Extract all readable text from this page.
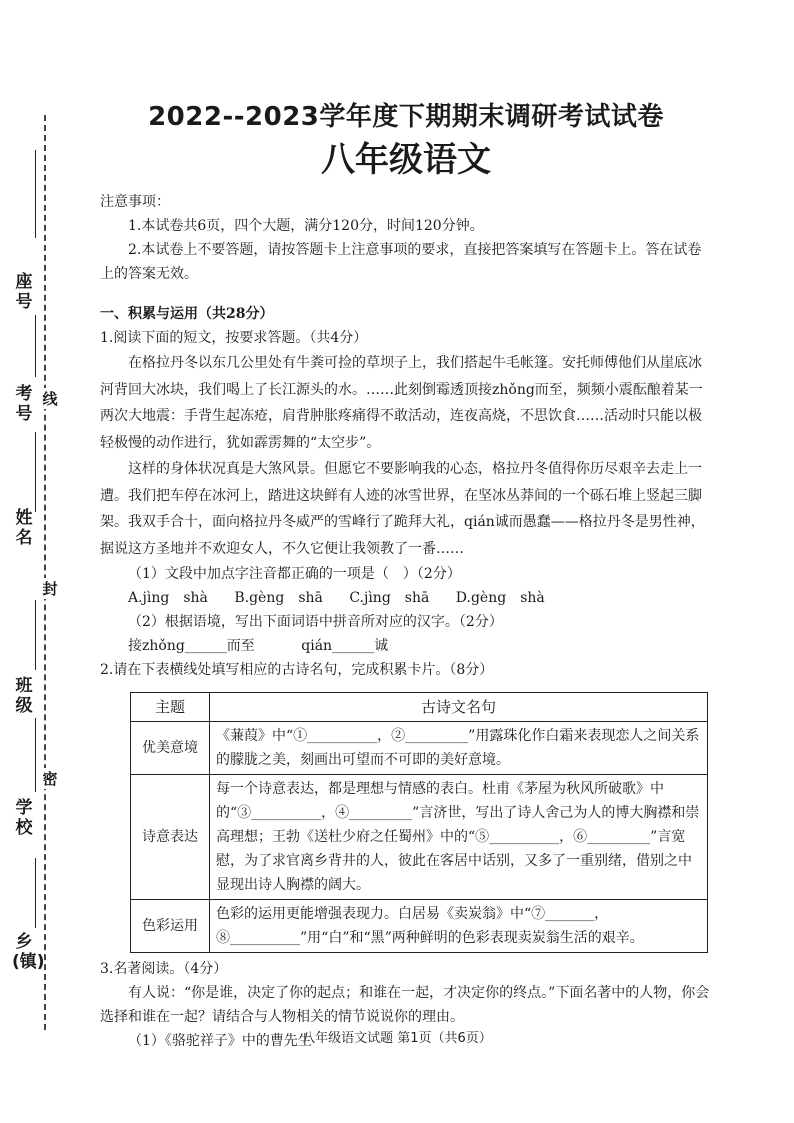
座号
考号
线
姓名
封
班级
密
学校
乡(镇)
2022--2023学年度下期期末调研考试试卷
八年级语文

注意事项：

1.本试卷共6页，四个大题，满分120分，时间120分钟。

2.本试卷上不要答题，请按答题卡上注意事项的要求，直接把答案填写在答题卡上。答在试卷上的答案无效。

一、积累与运用（共28分）

1.阅读下面的短文，按要求答题。（共4分）

在格拉丹冬以东几公里处有牛粪可捡的草坝子上，我们搭起牛毛帐篷。安托师傅他们从崖底冰河背回大冰块，我们喝上了长江源头的水。……此刻倒霉透顶接zhǒng而至，频频小震酝酿着某一两次大地震：手背生起冻疮，肩背肿胀疼痛得不敢活动，连夜高烧，不思饮食……活动时只能以极轻极慢的动作进行，犹如霹雳舞的“太空步”。

这样的身体状况真是大煞风景。但愿它不要影响我的心态，格拉丹冬值得你历尽艰辛去走上一遭。我们把车停在冰河上，踏进这块鲜有人迹的冰雪世界，在坚冰丛莽间的一个砾石堆上竖起三脚架。我双手合十，面向格拉丹冬威严的雪峰行了跪拜大礼，qián诚而愚蠢——格拉丹冬是男性神，据说这方圣地并不欢迎女人，不久它便让我领教了一番……

（1）文段中加点字注音都正确的一项是（　）（2分）

A.jìng　shà　 B.gèng　shā　 C.jìng　shā　 D.gèng　shà

（2）根据语境，写出下面词语中拼音所对应的汉字。（2分）

接zhǒng______而至　　　	qián______诚

2.请在下表横线处填写相应的古诗名句，完成积累卡片。（8分）

主题	古诗文名句
优美意境	《蒹葭》中“①__________，②_________”用露珠化作白霜来表现恋人之间关系的朦胧之美，刻画出可望而不可即的美好意境。
诗意表达	每一个诗意表达，都是理想与情感的表白。杜甫《茅屋为秋风所破歌》中的“③__________，④_________”言济世，写出了诗人舍己为人的博大胸襟和崇高理想；王勃《送杜少府之任蜀州》中的“⑤__________，⑥_________”言宽慰，为了求官离乡背井的人，彼此在客居中话别，又多了一重别绪，借别之中显现出诗人胸襟的阔大。
色彩运用	色彩的运用更能增强表现力。白居易《卖炭翁》中“⑦_______，⑧__________”用“白”和“黑”两种鲜明的色彩表现卖炭翁生活的艰辛。

3.名著阅读。（4分）

有人说：“你是谁，决定了你的起点；和谁在一起，才决定你的终点。”下面名著中的人物，你会选择和谁在一起？请结合与人物相关的情节说说你的理由。

（1）《骆驼祥子》中的曹先生

八年级语文试题 第1页（共6页）
